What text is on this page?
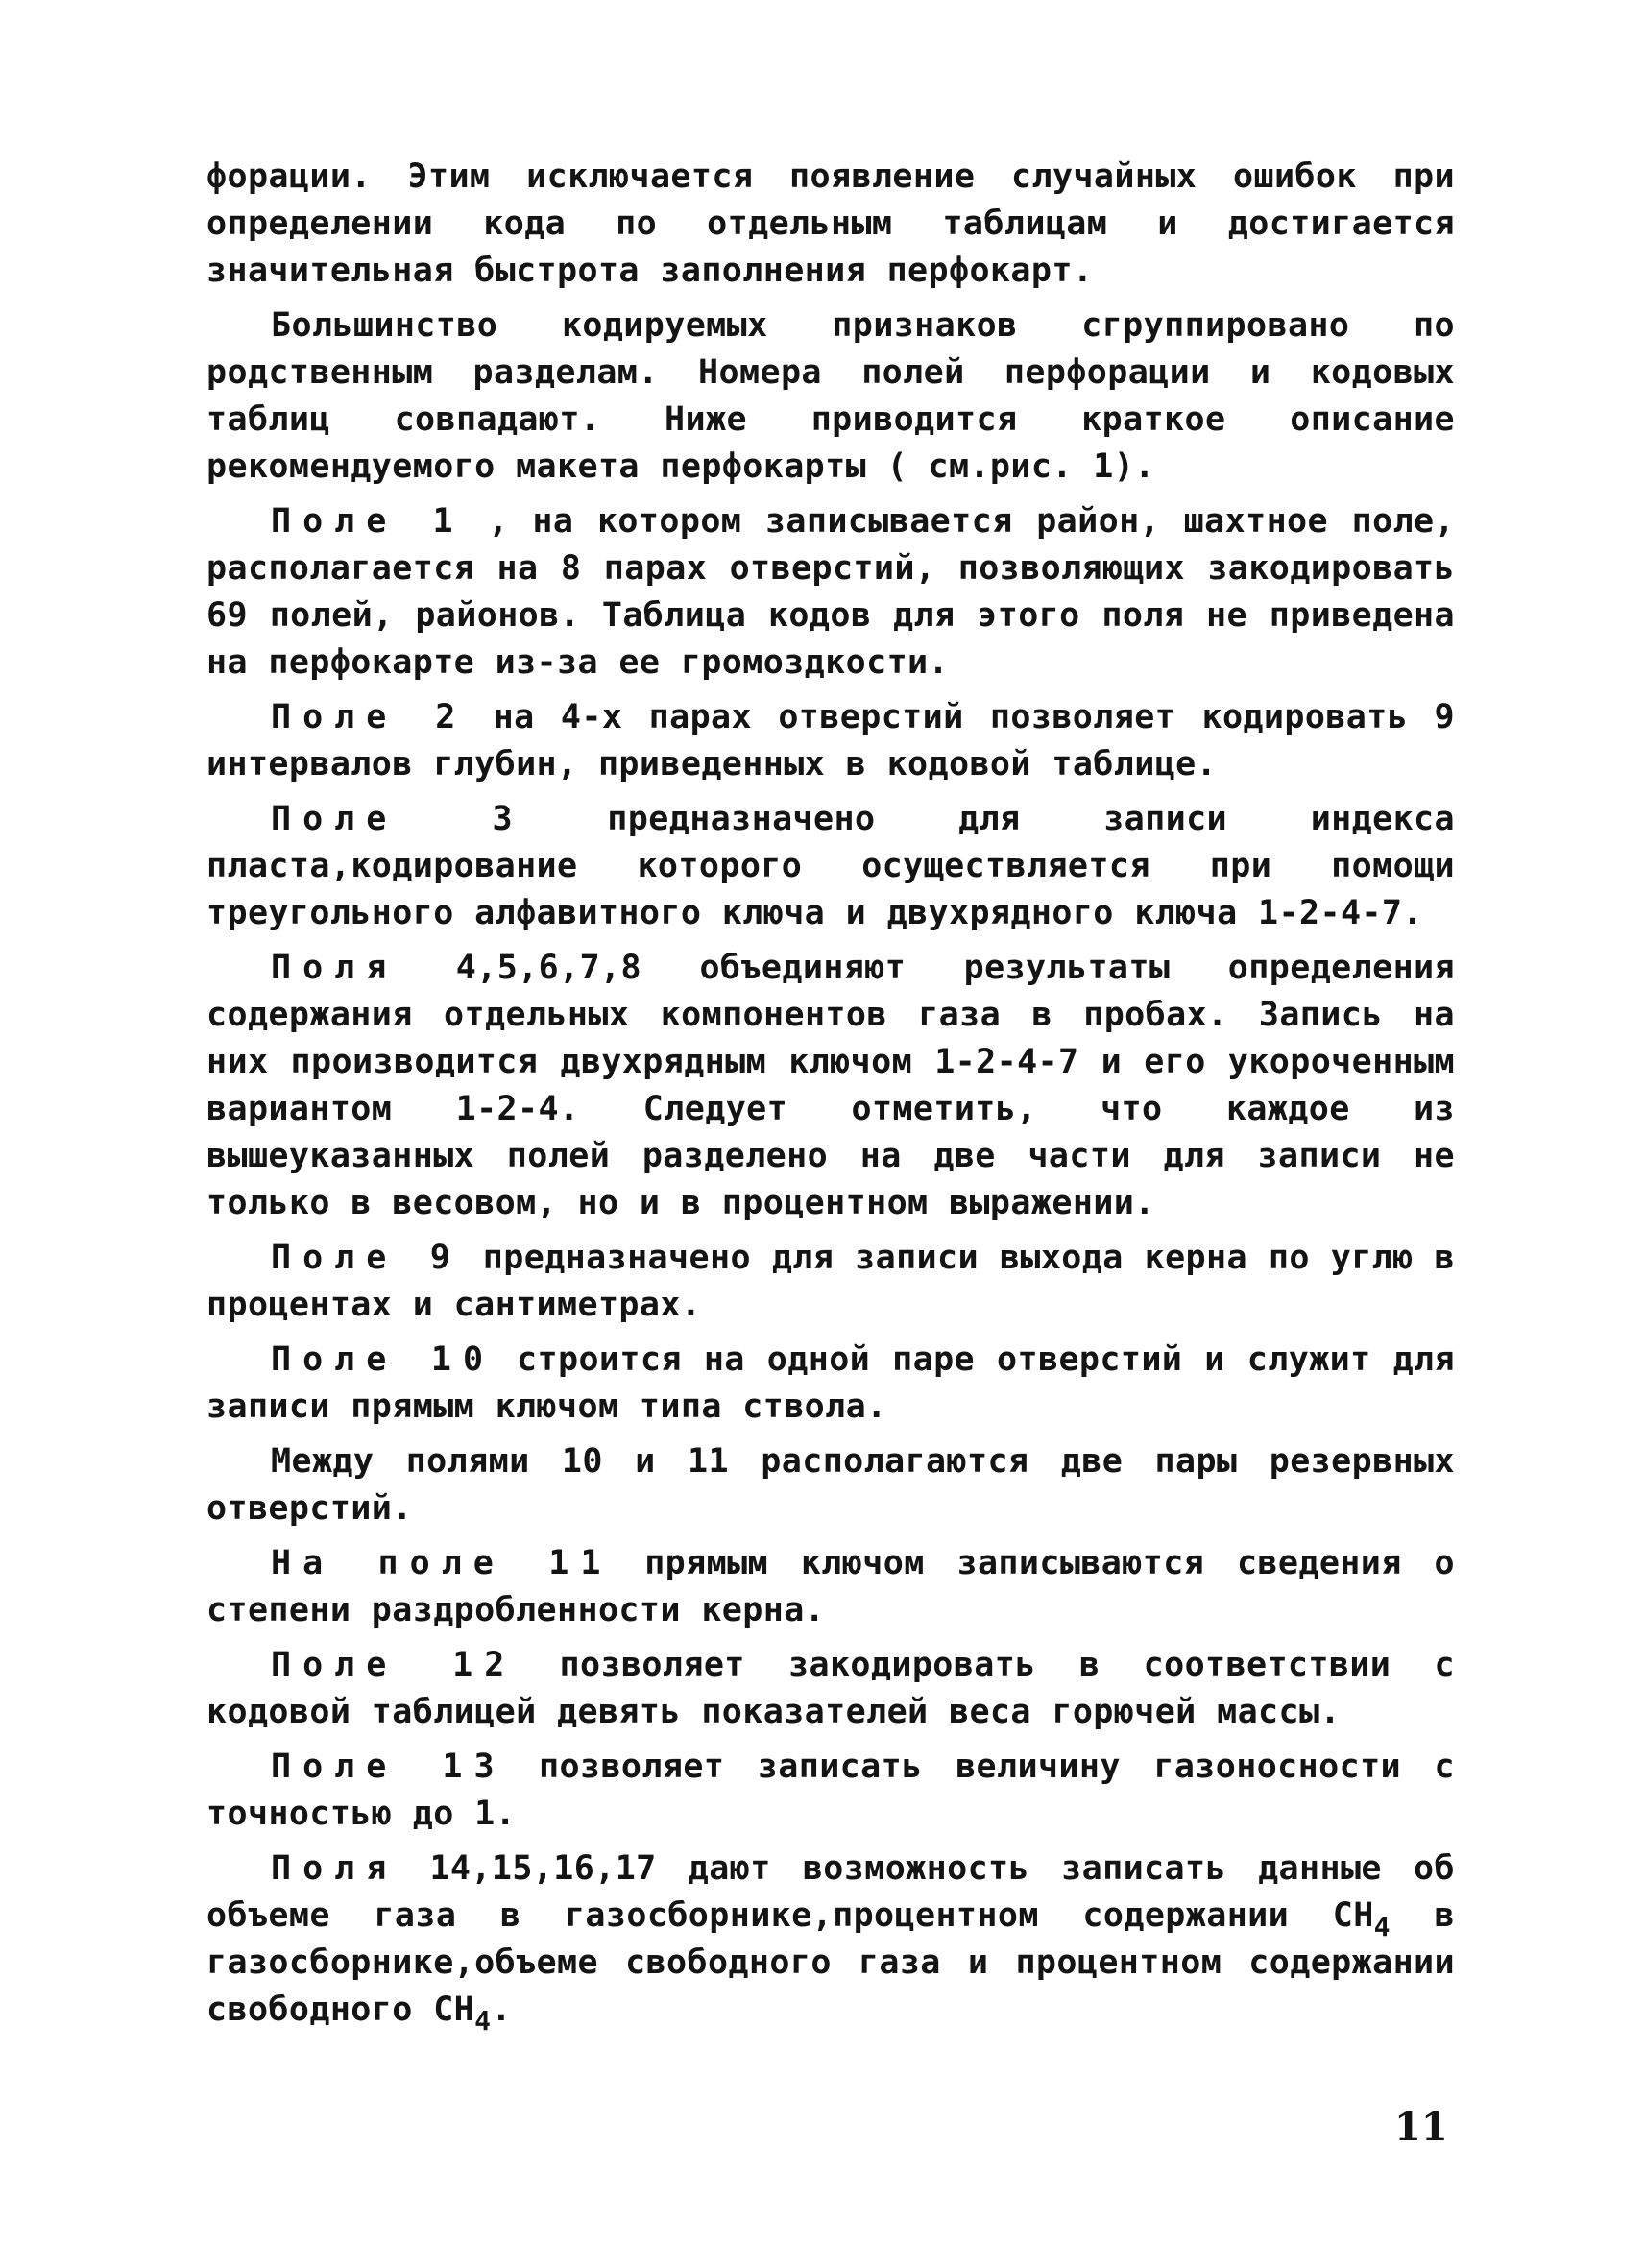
форации. Этим исключается появление случайных ошибок при определении кода по отдельным таблицам и достигается значительная быстрота заполнения перфокарт.

Большинство кодируемых признаков сгруппировано по родственным разделам. Номера полей перфорации и кодовых таблиц совпадают. Ниже приводится краткое описание рекомендуемого макета перфокарты ( см.рис. 1).

Поле 1 , на котором записывается район, шахтное поле, располагается на 8 парах отверстий, позволяющих закодировать 69 полей, районов. Таблица кодов для этого поля не приведена на перфокарте из-за ее громоздкости.

Поле 2 на 4-х парах отверстий позволяет кодировать 9 интервалов глубин, приведенных в кодовой таблице.

Поле 3 предназначено для записи индекса пласта,кодирование которого осуществляется при помощи треугольного алфавитного ключа и двухрядного ключа 1-2-4-7.

Поля 4,5,6,7,8 объединяют результаты определения содержания отдельных компонентов газа в пробах. Запись на них производится двухрядным ключом 1-2-4-7 и его укороченным вариантом 1-2-4. Следует отметить, что каждое из вышеуказанных полей разделено на две части для записи не только в весовом, но и в процентном выражении.

Поле 9 предназначено для записи выхода керна по углю в процентах и сантиметрах.

Поле 10 строится на одной паре отверстий и служит для записи прямым ключом типа ствола.

Между полями 10 и 11 располагаются две пары резервных отверстий.

На поле 11 прямым ключом записываются сведения о степени раздробленности керна.

Поле 12 позволяет закодировать в соответствии с кодовой таблицей девять показателей веса горючей массы.

Поле 13 позволяет записать величину газоносности с точностью до 1.

Поля 14,15,16,17 дают возможность записать данные об объеме газа в газосборнике,процентном содержании $CH_4$ в газосборнике,объеме свободного газа и процентном содержании свободного $CH_4$.

11
